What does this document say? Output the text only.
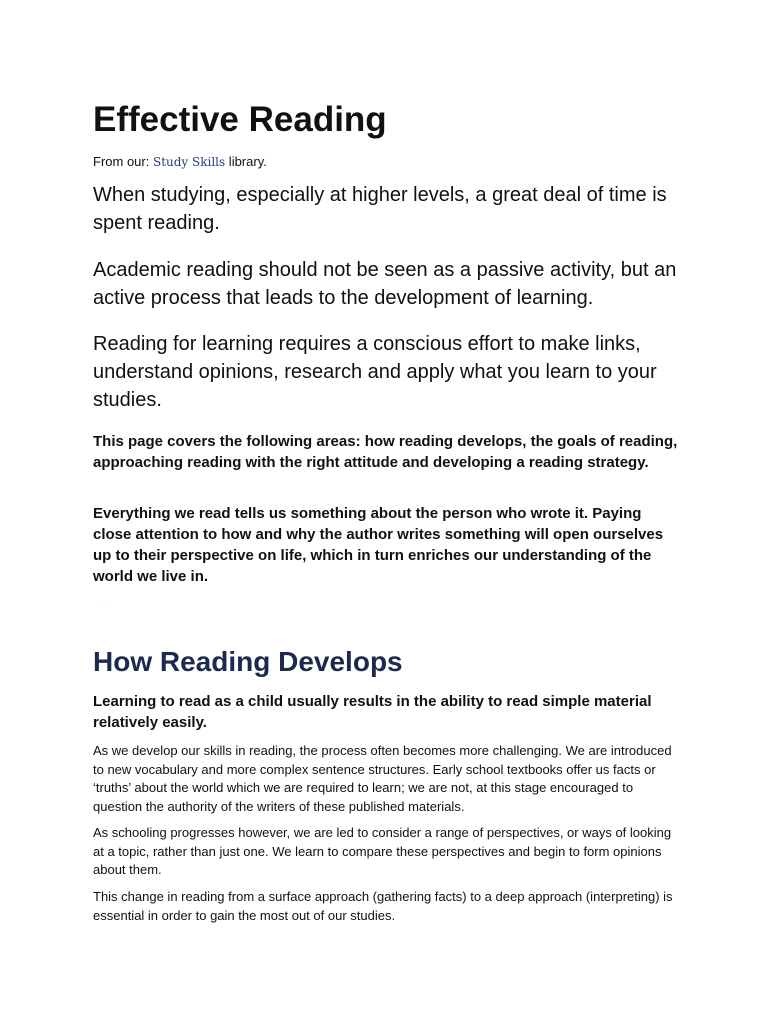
Effective Reading
From our: Study Skills library.

When studying, especially at higher levels, a great deal of time is spent reading.

Academic reading should not be seen as a passive activity, but an active process that leads to the development of learning.

Reading for learning requires a conscious effort to make links, understand opinions, research and apply what you learn to your studies.

This page covers the following areas: how reading develops, the goals of reading, approaching reading with the right attitude and developing a reading strategy.

Everything we read tells us something about the person who wrote it. Paying close attention to how and why the author writes something will open ourselves up to their perspective on life, which in turn enriches our understanding of the world we live in.

·
How Reading Develops

Learning to read as a child usually results in the ability to read simple material relatively easily.

As we develop our skills in reading, the process often becomes more challenging. We are introduced to new vocabulary and more complex sentence structures. Early school textbooks offer us facts or ‘truths’ about the world which we are required to learn; we are not, at this stage encouraged to question the authority of the writers of these published materials.

As schooling progresses however, we are led to consider a range of perspectives, or ways of looking at a topic, rather than just one. We learn to compare these perspectives and begin to form opinions about them.

This change in reading from a surface approach (gathering facts) to a deep approach (interpreting) is essential in order to gain the most out of our studies.
